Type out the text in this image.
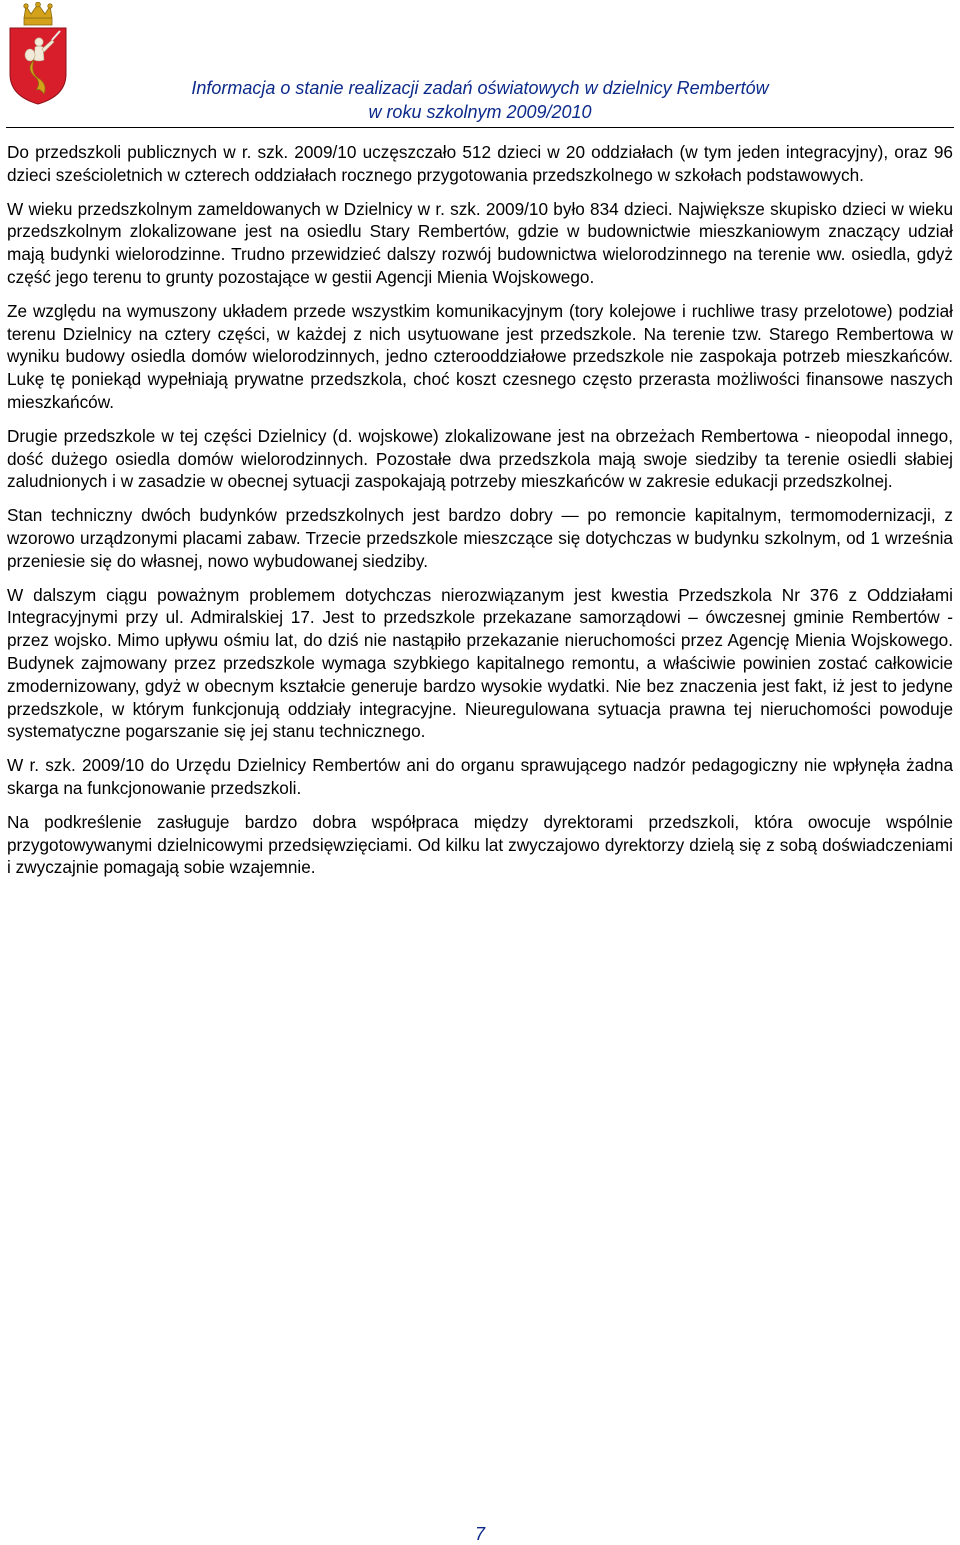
Informacja o stanie realizacji zadań oświatowych w dzielnicy Rembertów
w roku szkolnym 2009/2010

Do przedszkoli publicznych w r. szk. 2009/10 uczęszczało 512 dzieci w 20 oddziałach (w tym jeden integracyjny), oraz 96 dzieci sześcioletnich w czterech oddziałach rocznego przygotowania przedszkolnego w szkołach podstawowych.

W wieku przedszkolnym zameldowanych w Dzielnicy w r. szk. 2009/10 było 834 dzieci. Największe skupisko dzieci w wieku przedszkolnym zlokalizowane jest na osiedlu Stary Rembertów, gdzie w budownictwie mieszkaniowym znaczący udział mają budynki wielorodzinne. Trudno przewidzieć dalszy rozwój budownictwa wielorodzinnego na terenie ww. osiedla, gdyż część jego terenu to grunty pozostające w gestii Agencji Mienia Wojskowego.

Ze względu na wymuszony układem przede wszystkim komunikacyjnym (tory kolejowe i ruchliwe trasy przelotowe) podział terenu Dzielnicy na cztery części, w każdej z nich usytuowane jest przedszkole. Na terenie tzw. Starego Rembertowa w wyniku budowy osiedla domów wielorodzinnych, jedno czterooddziałowe przedszkole nie zaspokaja potrzeb mieszkańców. Lukę tę poniekąd wypełniają prywatne przedszkola, choć koszt czesnego często przerasta możliwości finansowe naszych mieszkańców.

Drugie przedszkole w tej części Dzielnicy (d. wojskowe) zlokalizowane jest na obrzeżach Rembertowa - nieopodal innego, dość dużego osiedla domów wielorodzinnych. Pozostałe dwa przedszkola mają swoje siedziby ta terenie osiedli słabiej zaludnionych i w zasadzie w obecnej sytuacji zaspokajają potrzeby mieszkańców w zakresie edukacji przedszkolnej.

Stan techniczny dwóch budynków przedszkolnych jest bardzo dobry — po remoncie kapitalnym, termomodernizacji, z wzorowo urządzonymi placami zabaw. Trzecie przedszkole mieszczące się dotychczas w budynku szkolnym, od 1 września przeniesie się do własnej, nowo wybudowanej siedziby.

W dalszym ciągu poważnym problemem dotychczas nierozwiązanym jest kwestia Przedszkola Nr 376 z Oddziałami Integracyjnymi przy ul. Admiralskiej 17. Jest to przedszkole przekazane samorządowi – ówczesnej gminie Rembertów - przez wojsko. Mimo upływu ośmiu lat, do dziś nie nastąpiło przekazanie nieruchomości przez Agencję Mienia Wojskowego. Budynek zajmowany przez przedszkole wymaga szybkiego kapitalnego remontu, a właściwie powinien zostać całkowicie zmodernizowany, gdyż w obecnym kształcie generuje bardzo wysokie wydatki. Nie bez znaczenia jest fakt, iż jest to jedyne przedszkole, w którym funkcjonują oddziały integracyjne. Nieuregulowana sytuacja prawna tej nieruchomości powoduje systematyczne pogarszanie się jej stanu technicznego.

W r. szk. 2009/10 do Urzędu Dzielnicy Rembertów ani do organu sprawującego nadzór pedagogiczny nie wpłynęła żadna skarga na funkcjonowanie przedszkoli.

Na podkreślenie zasługuje bardzo dobra współpraca między dyrektorami przedszkoli, która owocuje wspólnie przygotowywanymi dzielnicowymi przedsięwzięciami. Od kilku lat zwyczajowo dyrektorzy dzielą się z sobą doświadczeniami i zwyczajnie pomagają sobie wzajemnie.

7
